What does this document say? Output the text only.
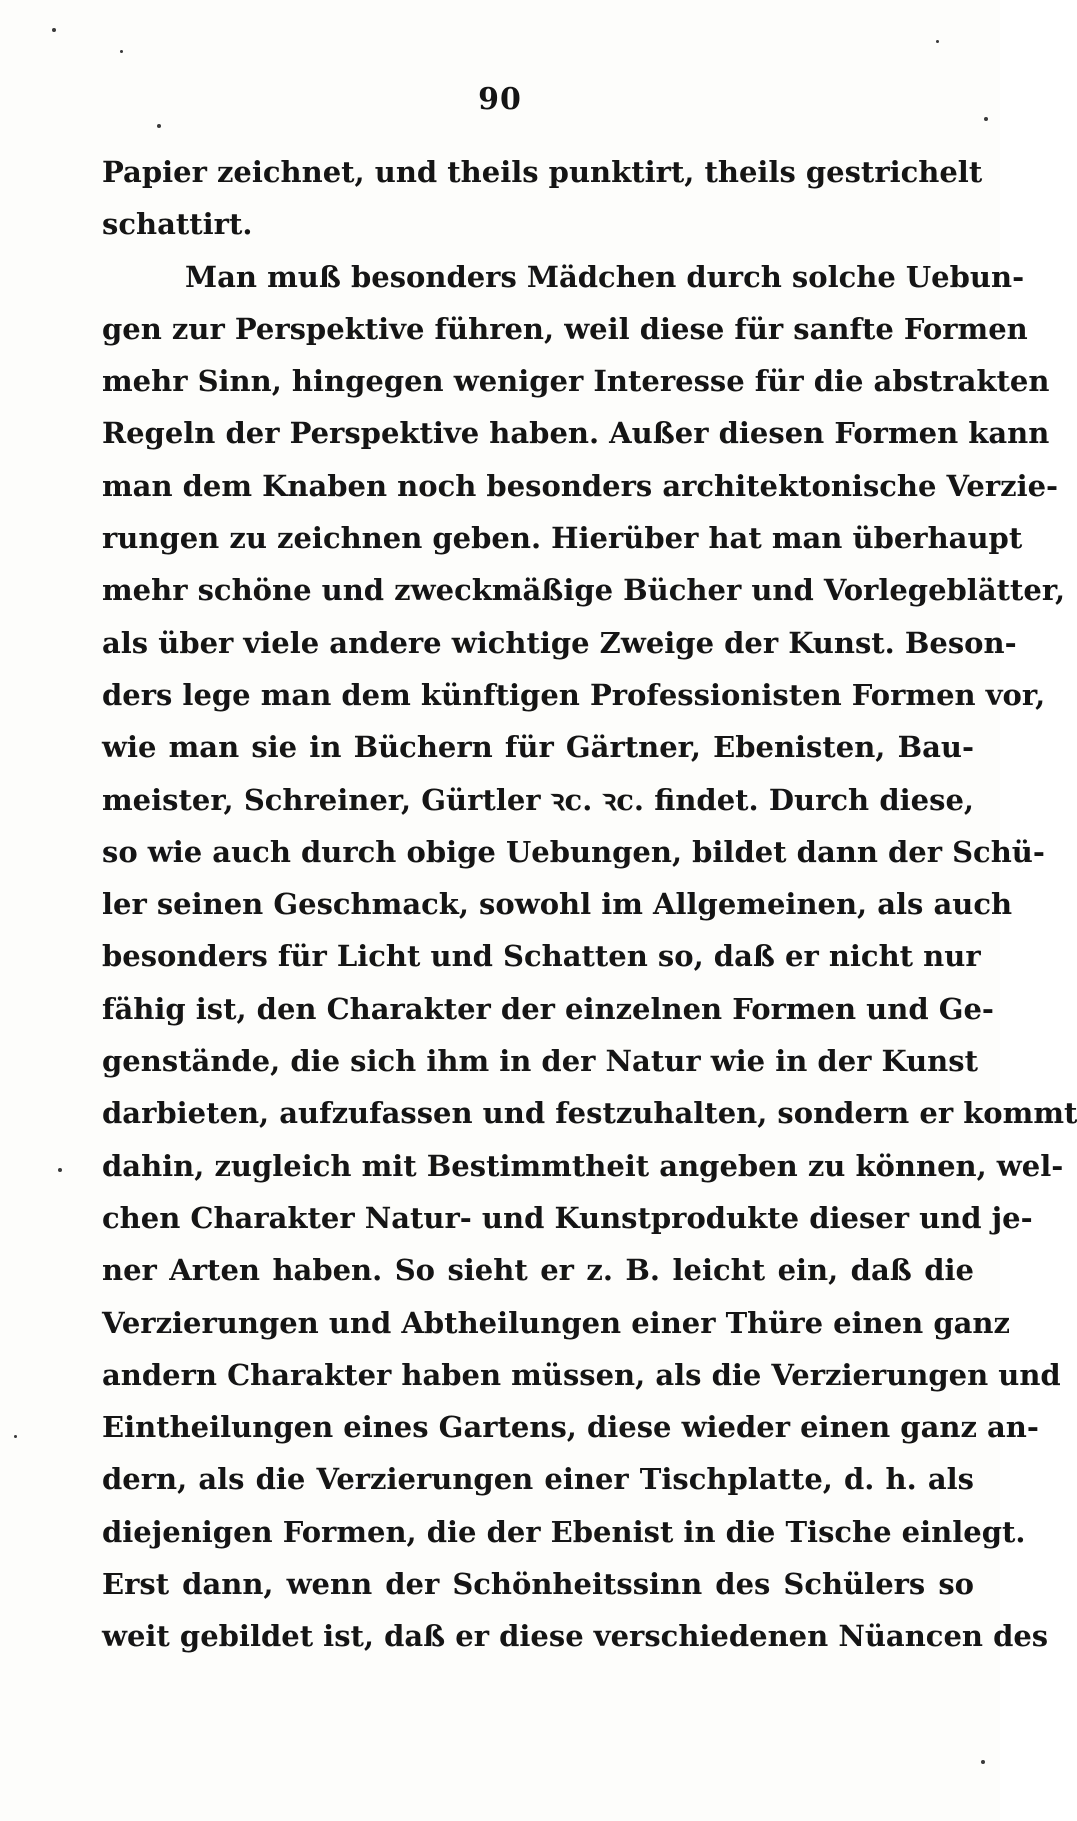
90
Papier zeichnet, und theils punktirt, theils gestrichelt
schattirt.
Man muß besonders Mädchen durch solche Uebun-
gen zur Perspektive führen, weil diese für sanfte Formen
mehr Sinn, hingegen weniger Interesse für die abstrakten
Regeln der Perspektive haben. Außer diesen Formen kann
man dem Knaben noch besonders architektonische Verzie-
rungen zu zeichnen geben. Hierüber hat man überhaupt
mehr schöne und zweckmäßige Bücher und Vorlegeblätter,
als über viele andere wichtige Zweige der Kunst. Beson-
ders lege man dem künftigen Professionisten Formen vor,
wie man sie in Büchern für Gärtner, Ebenisten, Bau-
meister, Schreiner, Gürtler ꝛc. ꝛc. findet. Durch diese,
so wie auch durch obige Uebungen, bildet dann der Schü-
ler seinen Geschmack, sowohl im Allgemeinen, als auch
besonders für Licht und Schatten so, daß er nicht nur
fähig ist, den Charakter der einzelnen Formen und Ge-
genstände, die sich ihm in der Natur wie in der Kunst
darbieten, aufzufassen und festzuhalten, sondern er kommt
dahin, zugleich mit Bestimmtheit angeben zu können, wel-
chen Charakter Natur- und Kunstprodukte dieser und je-
ner Arten haben. So sieht er z. B. leicht ein, daß die
Verzierungen und Abtheilungen einer Thüre einen ganz
andern Charakter haben müssen, als die Verzierungen und
Eintheilungen eines Gartens, diese wieder einen ganz an-
dern, als die Verzierungen einer Tischplatte, d. h. als
diejenigen Formen, die der Ebenist in die Tische einlegt.
Erst dann, wenn der Schönheitssinn des Schülers so
weit gebildet ist, daß er diese verschiedenen Nüancen des
